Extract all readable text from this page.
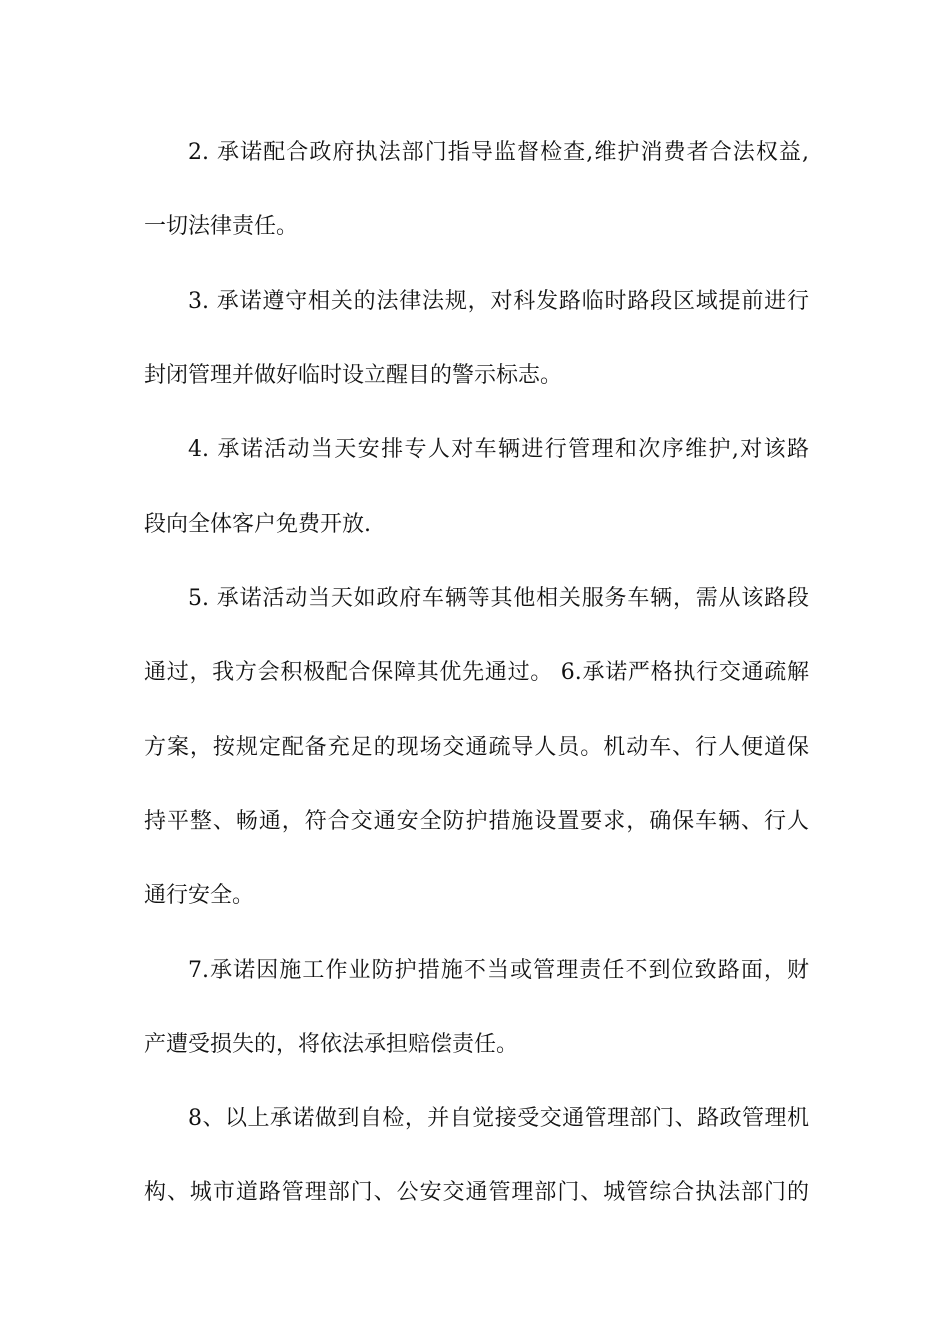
2. 承诺配合政府执法部门指导监督检查,维护消费者合法权益,
一切法律责任。
3. 承诺遵守相关的法律法规，对科发路临时路段区域提前进行
封闭管理并做好临时设立醒目的警示标志。
4. 承诺活动当天安排专人对车辆进行管理和次序维护,对该路
段向全体客户免费开放.
5. 承诺活动当天如政府车辆等其他相关服务车辆，需从该路段
通过，我方会积极配合保障其优先通过。 6.承诺严格执行交通疏解
方案，按规定配备充足的现场交通疏导人员。机动车、行人便道保
持平整、畅通，符合交通安全防护措施设置要求，确保车辆、行人
通行安全。
7.承诺因施工作业防护措施不当或管理责任不到位致路面，财
产遭受损失的，将依法承担赔偿责任。
8、以上承诺做到自检，并自觉接受交通管理部门、路政管理机
构、城市道路管理部门、公安交通管理部门、城管综合执法部门的
